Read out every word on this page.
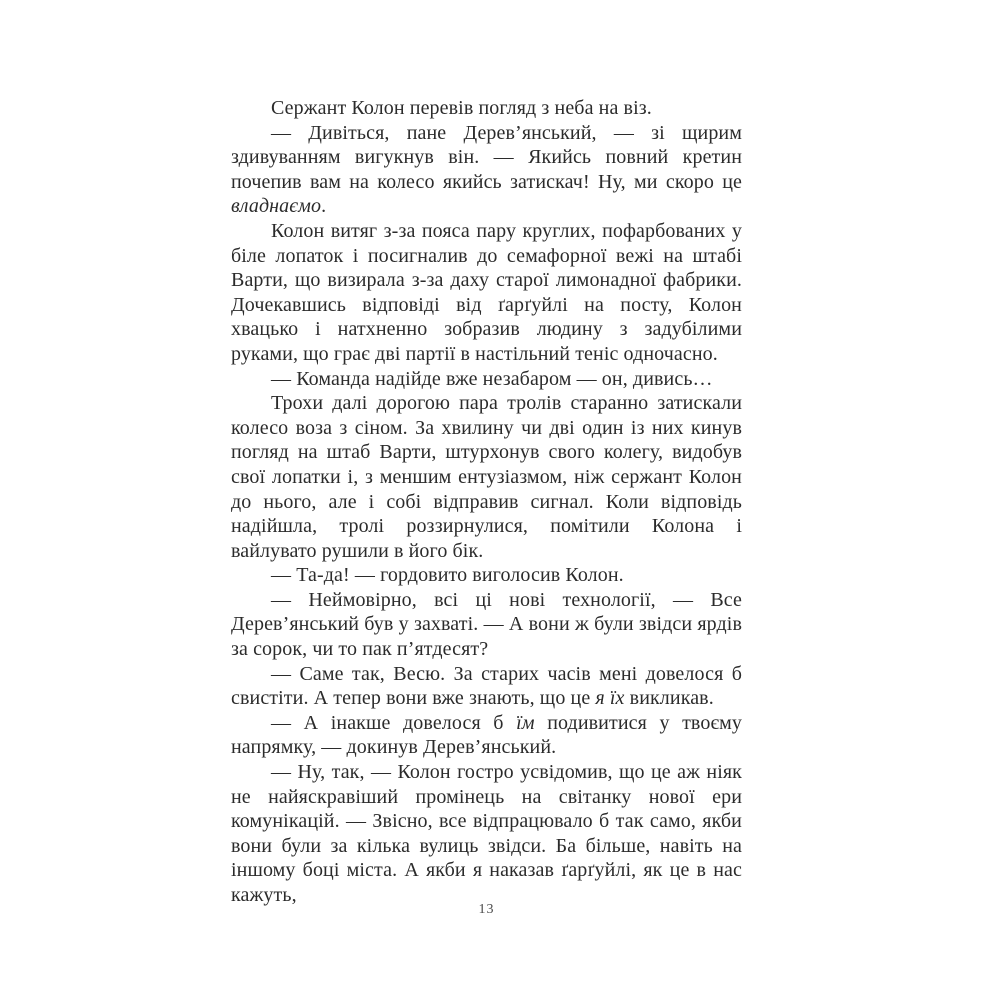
Сержант Колон перевів погляд з неба на віз.

— Дивіться, пане Дерев’янський, — зі щирим здивуванням вигукнув він. — Якийсь повний кретин почепив вам на колесо якийсь затискач! Ну, ми скоро це владнаємо.

Колон витяг з-за пояса пару круглих, пофарбованих у біле лопаток і посигналив до семафорної вежі на штабі Варти, що визирала з-за даху старої лимонадної фабрики. Дочекавшись відповіді від ґарґуйлі на посту, Колон хвацько і натхненно зобразив людину з задубілими руками, що грає дві партії в настільний теніс одночасно.

— Команда надійде вже незабаром — он, дивись…

Трохи далі дорогою пара тролів старанно затискали колесо воза з сіном. За хвилину чи дві один із них кинув погляд на штаб Варти, штурхонув свого колегу, видобув свої лопатки і, з меншим ентузіазмом, ніж сержант Колон до нього, але і собі відправив сигнал. Коли відповідь надійшла, тролі роззирнулися, помітили Колона і вайлувато рушили в його бік.

— Та-да! — гордовито виголосив Колон.

— Неймовірно, всі ці нові технології, — Все Дерев’янський був у захваті. — А вони ж були звідси ярдів за сорок, чи то пак п’ятдесят?

— Саме так, Весю. За старих часів мені довелося б свистіти. А тепер вони вже знають, що це я їх викликав.

— А інакше довелося б їм подивитися у твоєму напрямку, — докинув Дерев’янський.

— Ну, так, — Колон гостро усвідомив, що це аж ніяк не найяскравіший промінець на світанку нової ери комунікацій. — Звісно, все відпрацювало б так само, якби вони були за кілька вулиць звідси. Ба більше, навіть на іншому боці міста. А якби я наказав ґарґуйлі, як це в нас кажуть,

13
